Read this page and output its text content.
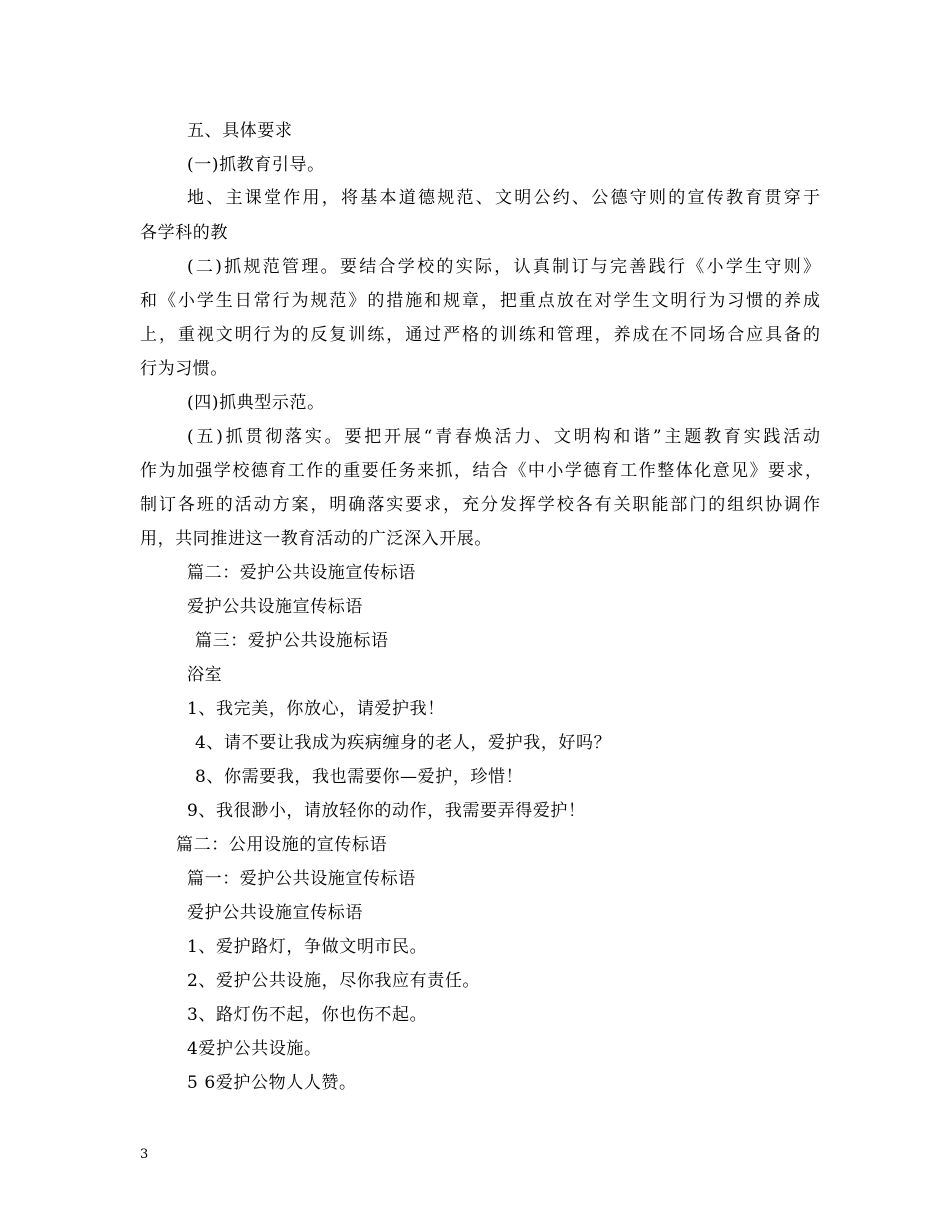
五、具体要求
(一)抓教育引导。
地、主课堂作用，将基本道德规范、文明公约、公德守则的宣传教育贯穿于
各学科的教
(二)抓规范管理。要结合学校的实际，认真制订与完善践行《小学生守则》
和《小学生日常行为规范》的措施和规章，把重点放在对学生文明行为习惯的养成
上，重视文明行为的反复训练，通过严格的训练和管理，养成在不同场合应具备的
行为习惯。
(四)抓典型示范。
(五)抓贯彻落实。要把开展“青春焕活力、文明构和谐”主题教育实践活动
作为加强学校德育工作的重要任务来抓，结合《中小学德育工作整体化意见》要求，
制订各班的活动方案，明确落实要求，充分发挥学校各有关职能部门的组织协调作
用，共同推进这一教育活动的广泛深入开展。
篇二：爱护公共设施宣传标语
爱护公共设施宣传标语
篇三：爱护公共设施标语
浴室
1、我完美，你放心，请爱护我！
4、请不要让我成为疾病缠身的老人，爱护我，好吗？
8、你需要我，我也需要你—爱护，珍惜！
9、我很渺小，请放轻你的动作，我需要弄得爱护！
篇二：公用设施的宣传标语
篇一：爱护公共设施宣传标语
爱护公共设施宣传标语
1、爱护路灯，争做文明市民。
2、爱护公共设施，尽你我应有责任。
3、路灯伤不起，你也伤不起。
4爱护公共设施。
5 6爱护公物人人赞。
3
